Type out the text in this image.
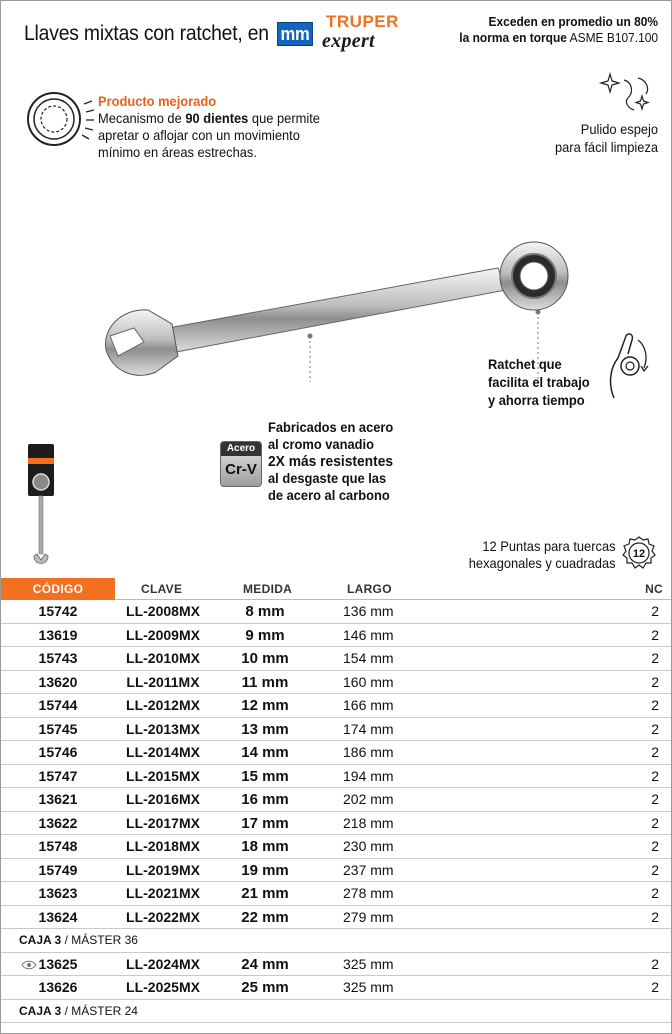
Llaves mixtas con ratchet, en mm
TRUPER
expert
Exceden en promedio un 80%
la norma en torque ASME B107.100
Producto mejorado
Mecanismo de 90 dientes que permite
apretar o aflojar con un movimiento
mínimo en áreas estrechas.
Pulido espejo
para fácil limpieza
Ratchet que
facilita el trabajo
y ahorra tiempo
Acero
Cr-V
Fabricados en acero
al cromo vanadio
2X más resistentes
al desgaste que las
de acero al carbono
12 Puntas para tuercas
hexagonales y cuadradas
12
CÓDIGO	CLAVE	MEDIDA	LARGO	NC
15742	LL-2008MX	8 mm	136 mm	2
13619	LL-2009MX	9 mm	146 mm	2
15743	LL-2010MX	10 mm	154 mm	2
13620	LL-2011MX	11 mm	160 mm	2
15744	LL-2012MX	12 mm	166 mm	2
15745	LL-2013MX	13 mm	174 mm	2
15746	LL-2014MX	14 mm	186 mm	2
15747	LL-2015MX	15 mm	194 mm	2
13621	LL-2016MX	16 mm	202 mm	2
13622	LL-2017MX	17 mm	218 mm	2
15748	LL-2018MX	18 mm	230 mm	2
15749	LL-2019MX	19 mm	237 mm	2
13623	LL-2021MX	21 mm	278 mm	2
13624	LL-2022MX	22 mm	279 mm	2
CAJA 3 / MÁSTER 36
13625	LL-2024MX	24 mm	325 mm	2
13626	LL-2025MX	25 mm	325 mm	2
CAJA 3 / MÁSTER 24
